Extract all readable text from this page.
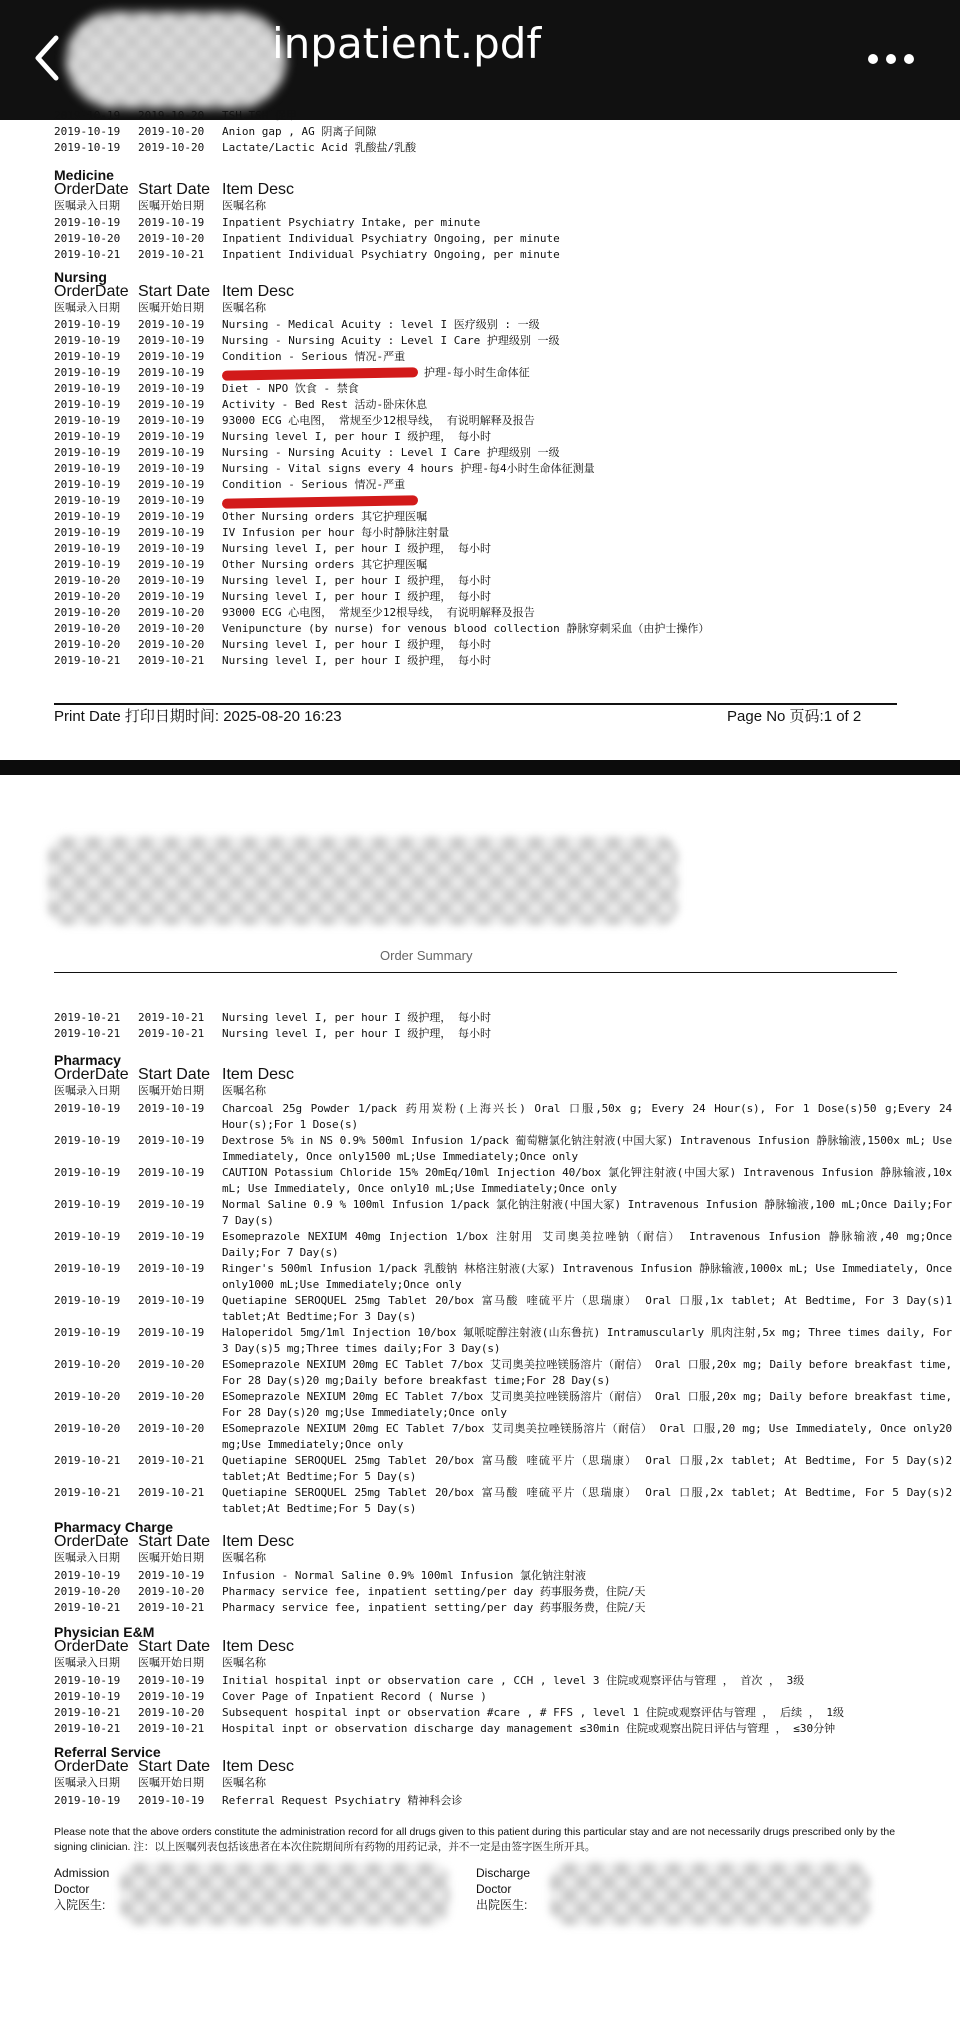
inpatient.pdf
2019-10-19 2019-10-20 TSH TSH 促甲
2019-10-19 2019-10-20 Anion gap , AG 阴离子间隙
2019-10-19 2019-10-20 Lactate/Lactic Acid 乳酸盐/乳酸
Medicine
OrderDate Start Date Item Desc
医嘱录入日期 医嘱开始日期 医嘱名称
2019-10-19 2019-10-19 Inpatient Psychiatry Intake, per minute
2019-10-20 2019-10-20 Inpatient Individual Psychiatry Ongoing, per minute
2019-10-21 2019-10-21 Inpatient Individual Psychiatry Ongoing, per minute
Nursing
OrderDate Start Date Item Desc
医嘱录入日期 医嘱开始日期 医嘱名称
2019-10-19 2019-10-19 Nursing - Medical Acuity : level I 医疗级别 : 一级
2019-10-19 2019-10-19 Nursing - Nursing Acuity : Level I Care 护理级别 一级
2019-10-19 2019-10-19 Condition - Serious 情况-严重
2019-10-19 2019-10-19	护理-每小时生命体征
2019-10-19 2019-10-19 Diet - NPO 饮食 - 禁食
2019-10-19 2019-10-19 Activity - Bed Rest 活动-卧床休息
2019-10-19 2019-10-19 93000 ECG 心电图， 常规至少12根导线， 有说明解释及报告
2019-10-19 2019-10-19 Nursing level I, per hour I 级护理， 每小时
2019-10-19 2019-10-19 Nursing - Nursing Acuity : Level I Care 护理级别 一级
2019-10-19 2019-10-19 Nursing - Vital signs every 4 hours 护理-每4小时生命体征测量
2019-10-19 2019-10-19 Condition - Serious 情况-严重
2019-10-19 2019-10-19
2019-10-19 2019-10-19 Other Nursing orders 其它护理医嘱
2019-10-19 2019-10-19 IV Infusion per hour 每小时静脉注射量
2019-10-19 2019-10-19 Nursing level I, per hour I 级护理， 每小时
2019-10-19 2019-10-19 Other Nursing orders 其它护理医嘱
2019-10-20 2019-10-19 Nursing level I, per hour I 级护理， 每小时
2019-10-20 2019-10-19 Nursing level I, per hour I 级护理， 每小时
2019-10-20 2019-10-20 93000 ECG 心电图， 常规至少12根导线， 有说明解释及报告
2019-10-20 2019-10-20 Venipuncture (by nurse) for venous blood collection 静脉穿刺采血（由护士操作）
2019-10-20 2019-10-20 Nursing level I, per hour I 级护理， 每小时
2019-10-21 2019-10-21 Nursing level I, per hour I 级护理， 每小时
Print Date 打印日期时间: 2025-08-20 16:23	Page No 页码:1 of 2
Order Summary
2019-10-21 2019-10-21 Nursing level I, per hour I 级护理， 每小时
2019-10-21 2019-10-21 Nursing level I, per hour I 级护理， 每小时
Pharmacy
OrderDate Start Date Item Desc
医嘱录入日期 医嘱开始日期 医嘱名称
2019-10-19 2019-10-19 Charcoal 25g Powder 1/pack 药用炭粉(上海兴长) Oral 口服,50x g; Every 24 Hour(s), For 1 Dose(s)50 g;Every 24 Hour(s);For 1 Dose(s)
2019-10-19 2019-10-19 Dextrose 5% in NS 0.9% 500ml Infusion 1/pack 葡萄糖氯化钠注射液(中国大冢) Intravenous Infusion 静脉输液,1500x mL; Use Immediately, Once only1500 mL;Use Immediately;Once only
2019-10-19 2019-10-19 CAUTION Potassium Chloride 15% 20mEq/10ml Injection 40/box 氯化钾注射液(中国大冢) Intravenous Infusion 静脉输液,10x mL; Use Immediately, Once only10 mL;Use Immediately;Once only
2019-10-19 2019-10-19 Normal Saline 0.9 % 100ml Infusion 1/pack 氯化钠注射液(中国大冢) Intravenous Infusion 静脉输液,100 mL;Once Daily;For 7 Day(s)
2019-10-19 2019-10-19 Esomeprazole NEXIUM 40mg Injection 1/box 注射用 艾司奥美拉唑钠（耐信） Intravenous Infusion 静脉输液,40 mg;Once Daily;For 7 Day(s)
2019-10-19 2019-10-19 Ringer's 500ml Infusion 1/pack 乳酸钠 林格注射液(大冢) Intravenous Infusion 静脉输液,1000x mL; Use Immediately, Once only1000 mL;Use Immediately;Once only
2019-10-19 2019-10-19 Quetiapine SEROQUEL 25mg Tablet 20/box 富马酸 喹硫平片（思瑞康） Oral 口服,1x tablet; At Bedtime, For 3 Day(s)1 tablet;At Bedtime;For 3 Day(s)
2019-10-19 2019-10-19 Haloperidol 5mg/1ml Injection 10/box 氟哌啶醇注射液(山东鲁抗) Intramuscularly 肌肉注射,5x mg; Three times daily, For 3 Day(s)5 mg;Three times daily;For 3 Day(s)
2019-10-20 2019-10-20 ESomeprazole NEXIUM 20mg EC Tablet 7/box 艾司奥美拉唑镁肠溶片（耐信） Oral 口服,20x mg; Daily before breakfast time, For 28 Day(s)20 mg;Daily before breakfast time;For 28 Day(s)
2019-10-20 2019-10-20 ESomeprazole NEXIUM 20mg EC Tablet 7/box 艾司奥美拉唑镁肠溶片（耐信） Oral 口服,20x mg; Daily before breakfast time, For 28 Day(s)20 mg;Use Immediately;Once only
2019-10-20 2019-10-20 ESomeprazole NEXIUM 20mg EC Tablet 7/box 艾司奥美拉唑镁肠溶片（耐信） Oral 口服,20 mg; Use Immediately, Once only20 mg;Use Immediately;Once only
2019-10-21 2019-10-21 Quetiapine SEROQUEL 25mg Tablet 20/box 富马酸 喹硫平片（思瑞康） Oral 口服,2x tablet; At Bedtime, For 5 Day(s)2 tablet;At Bedtime;For 5 Day(s)
2019-10-21 2019-10-21 Quetiapine SEROQUEL 25mg Tablet 20/box 富马酸 喹硫平片（思瑞康） Oral 口服,2x tablet; At Bedtime, For 5 Day(s)2 tablet;At Bedtime;For 5 Day(s)
Pharmacy Charge
OrderDate Start Date Item Desc
医嘱录入日期 医嘱开始日期 医嘱名称
2019-10-19 2019-10-19 Infusion - Normal Saline 0.9% 100ml Infusion 氯化钠注射液
2019-10-20 2019-10-20 Pharmacy service fee, inpatient setting/per day 药事服务费，住院/天
2019-10-21 2019-10-21 Pharmacy service fee, inpatient setting/per day 药事服务费，住院/天
Physician E&M
OrderDate Start Date Item Desc
医嘱录入日期 医嘱开始日期 医嘱名称
2019-10-19 2019-10-19 Initial hospital inpt or observation care , CCH , level 3 住院或观察评估与管理 ， 首次 ， 3级
2019-10-19 2019-10-19 Cover Page of Inpatient Record ( Nurse )
2019-10-21 2019-10-20 Subsequent hospital inpt or observation #care , # FFS , level 1 住院或观察评估与管理 ， 后续 ， 1级
2019-10-21 2019-10-21 Hospital inpt or observation discharge day management ≤30min 住院或观察出院日评估与管理 ， ≤30分钟
Referral Service
OrderDate Start Date Item Desc
医嘱录入日期 医嘱开始日期 医嘱名称
2019-10-19 2019-10-19 Referral Request Psychiatry 精神科会诊
Please note that the above orders constitute the administration record for all drugs given to this patient during this particular stay and are not necessarily drugs prescribed only by the signing clinician. 注：以上医嘱列表包括该患者在本次住院期间所有药物的用药记录，并不一定是由签字医生所开具。
Admission
Doctor
入院医生:
Discharge
Doctor
出院医生:
